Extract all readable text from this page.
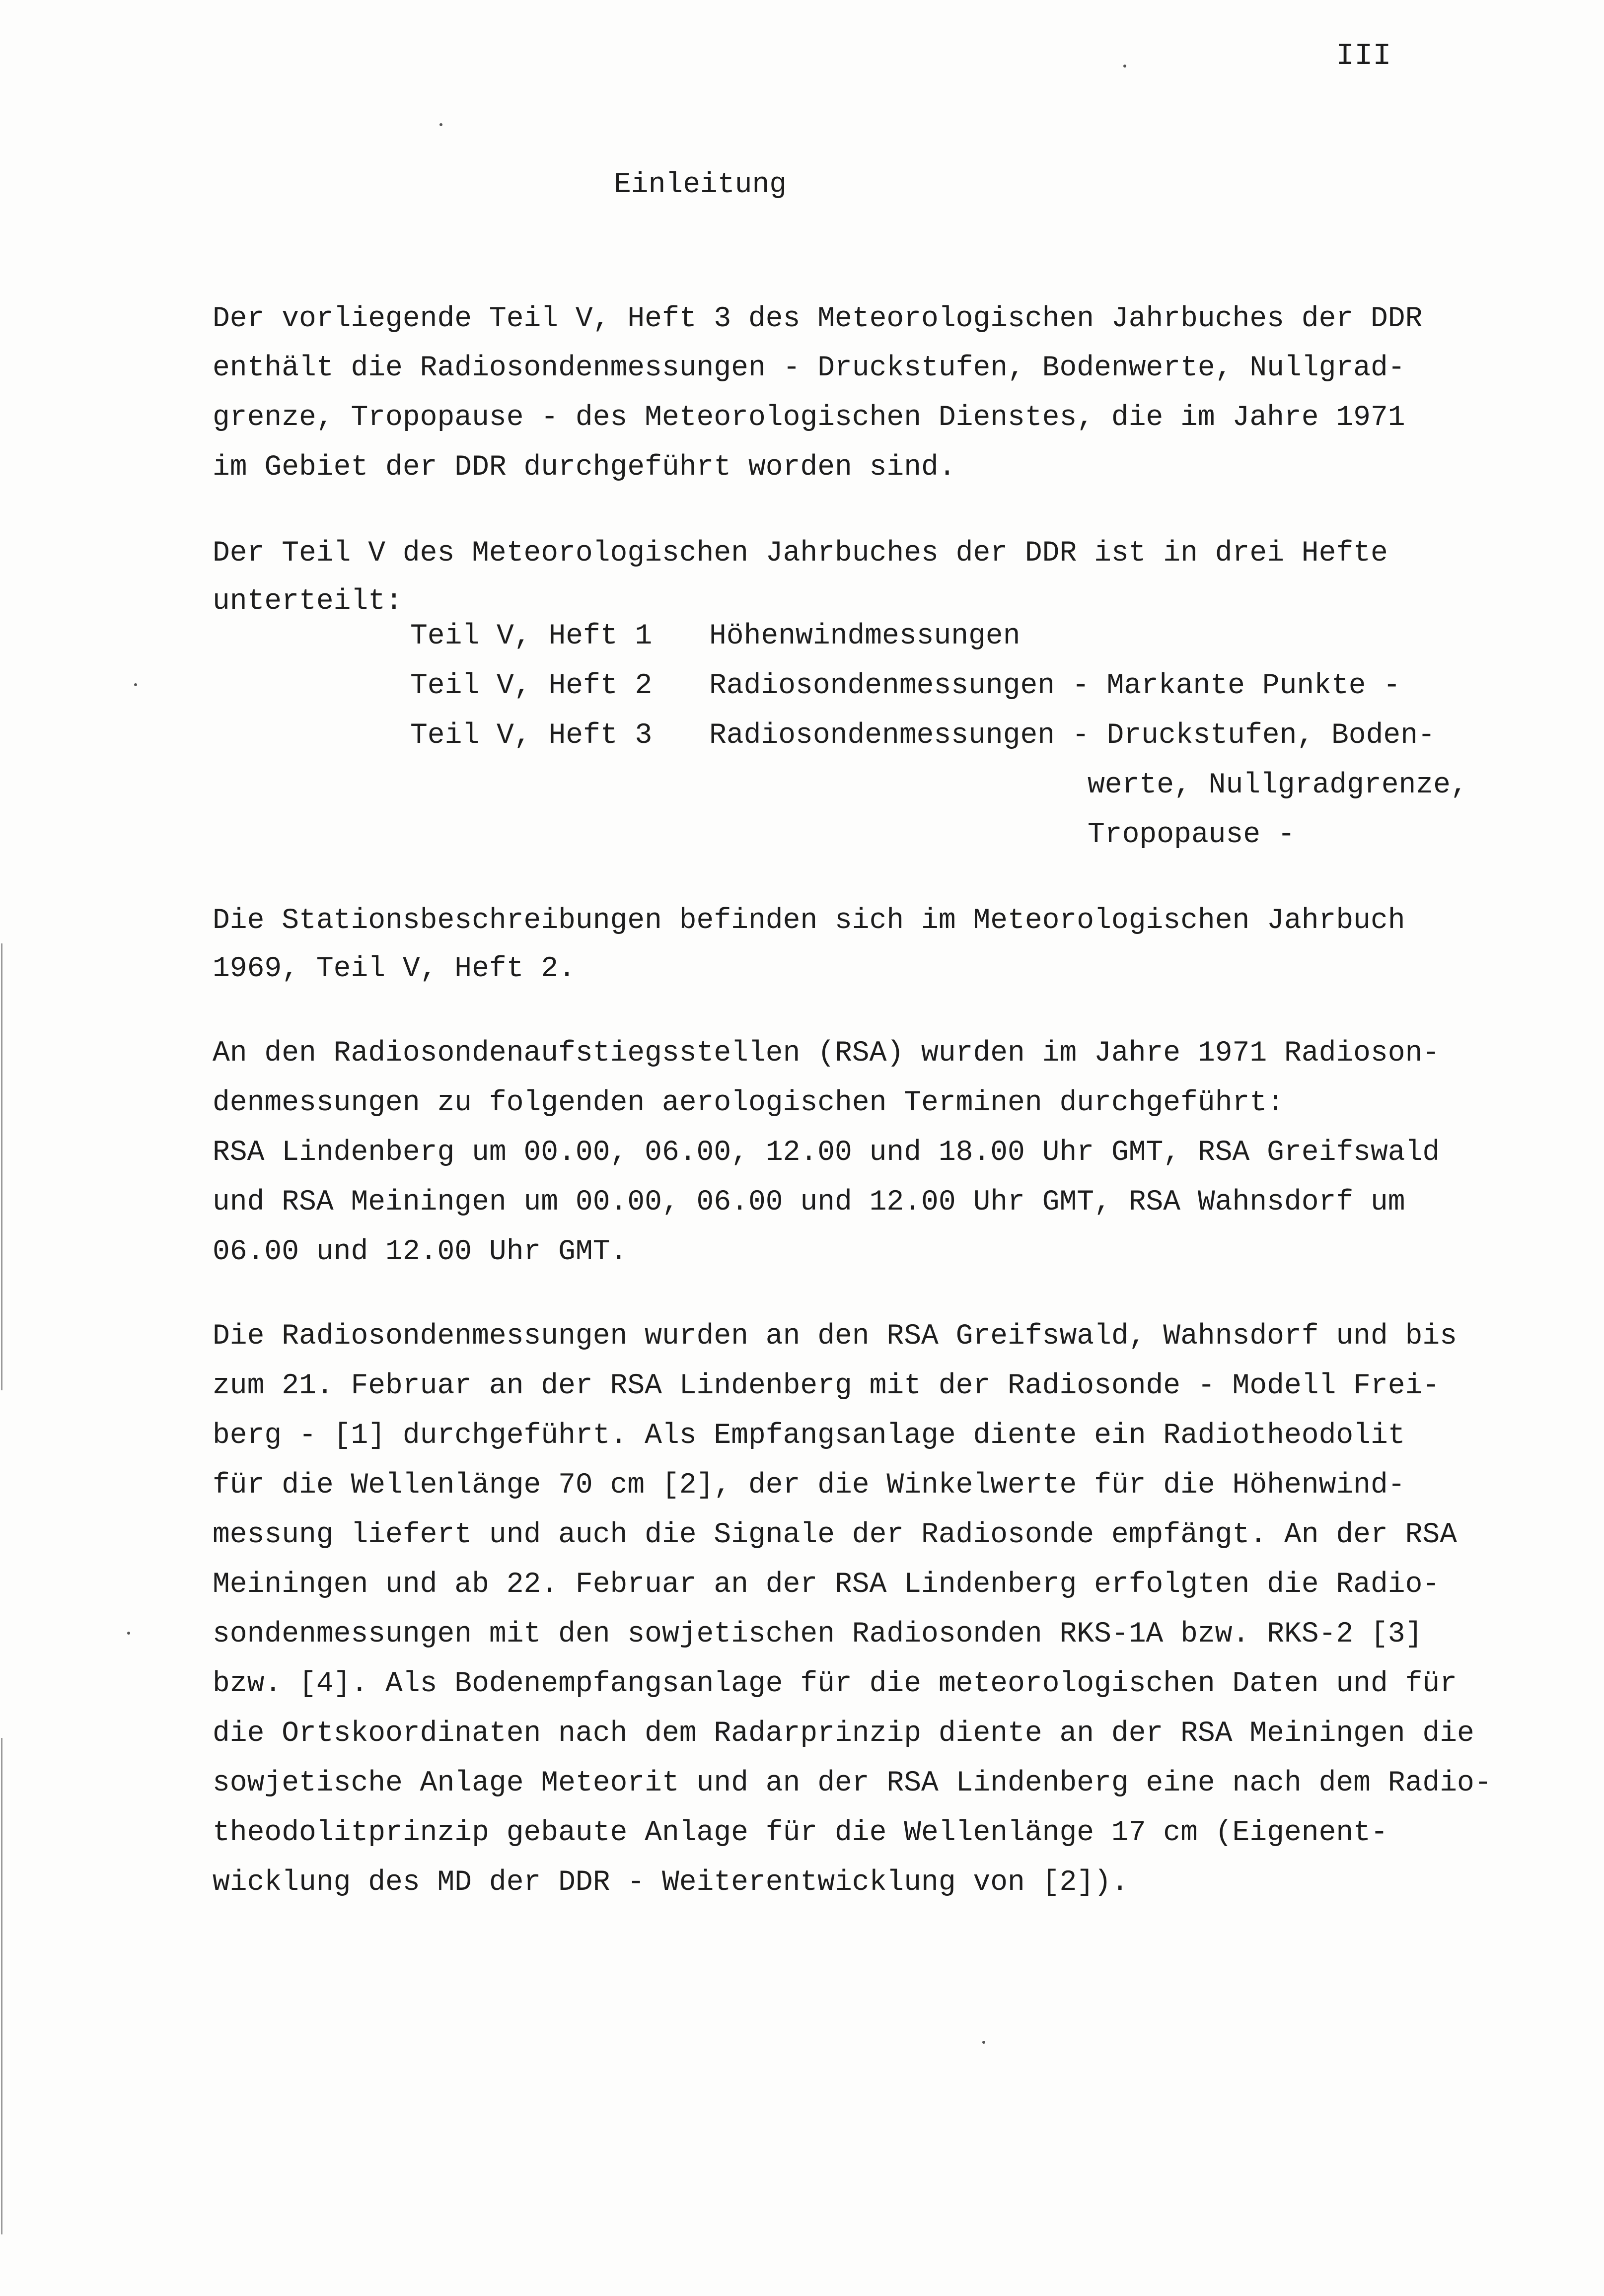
III
Einleitung
Der vorliegende Teil V, Heft 3 des Meteorologischen Jahrbuches der DDR
enthält die Radiosondenmessungen - Druckstufen, Bodenwerte, Nullgrad-
grenze, Tropopause - des Meteorologischen Dienstes, die im Jahre 1971
im Gebiet der DDR durchgeführt worden sind.
Der Teil V des Meteorologischen Jahrbuches der DDR ist in drei Hefte
unterteilt:
Teil V, Heft 1 Höhenwindmessungen
Teil V, Heft 2 Radiosondenmessungen - Markante Punkte -
Teil V, Heft 3 Radiosondenmessungen - Druckstufen, Boden-
werte, Nullgradgrenze,
Tropopause -
Die Stationsbeschreibungen befinden sich im Meteorologischen Jahrbuch
1969, Teil V, Heft 2.
An den Radiosondenaufstiegsstellen (RSA) wurden im Jahre 1971 Radioson-
denmessungen zu folgenden aerologischen Terminen durchgeführt:
RSA Lindenberg um 00.00, 06.00, 12.00 und 18.00 Uhr GMT, RSA Greifswald
und RSA Meiningen um 00.00, 06.00 und 12.00 Uhr GMT, RSA Wahnsdorf um
06.00 und 12.00 Uhr GMT.
Die Radiosondenmessungen wurden an den RSA Greifswald, Wahnsdorf und bis
zum 21. Februar an der RSA Lindenberg mit der Radiosonde - Modell Frei-
berg - [1] durchgeführt. Als Empfangsanlage diente ein Radiotheodolit
für die Wellenlänge 70 cm [2], der die Winkelwerte für die Höhenwind-
messung liefert und auch die Signale der Radiosonde empfängt. An der RSA
Meiningen und ab 22. Februar an der RSA Lindenberg erfolgten die Radio-
sondenmessungen mit den sowjetischen Radiosonden RKS-1A bzw. RKS-2 [3]
bzw. [4]. Als Bodenempfangsanlage für die meteorologischen Daten und für
die Ortskoordinaten nach dem Radarprinzip diente an der RSA Meiningen die
sowjetische Anlage Meteorit und an der RSA Lindenberg eine nach dem Radio-
theodolitprinzip gebaute Anlage für die Wellenlänge 17 cm (Eigenent-
wicklung des MD der DDR - Weiterentwicklung von [2]).
